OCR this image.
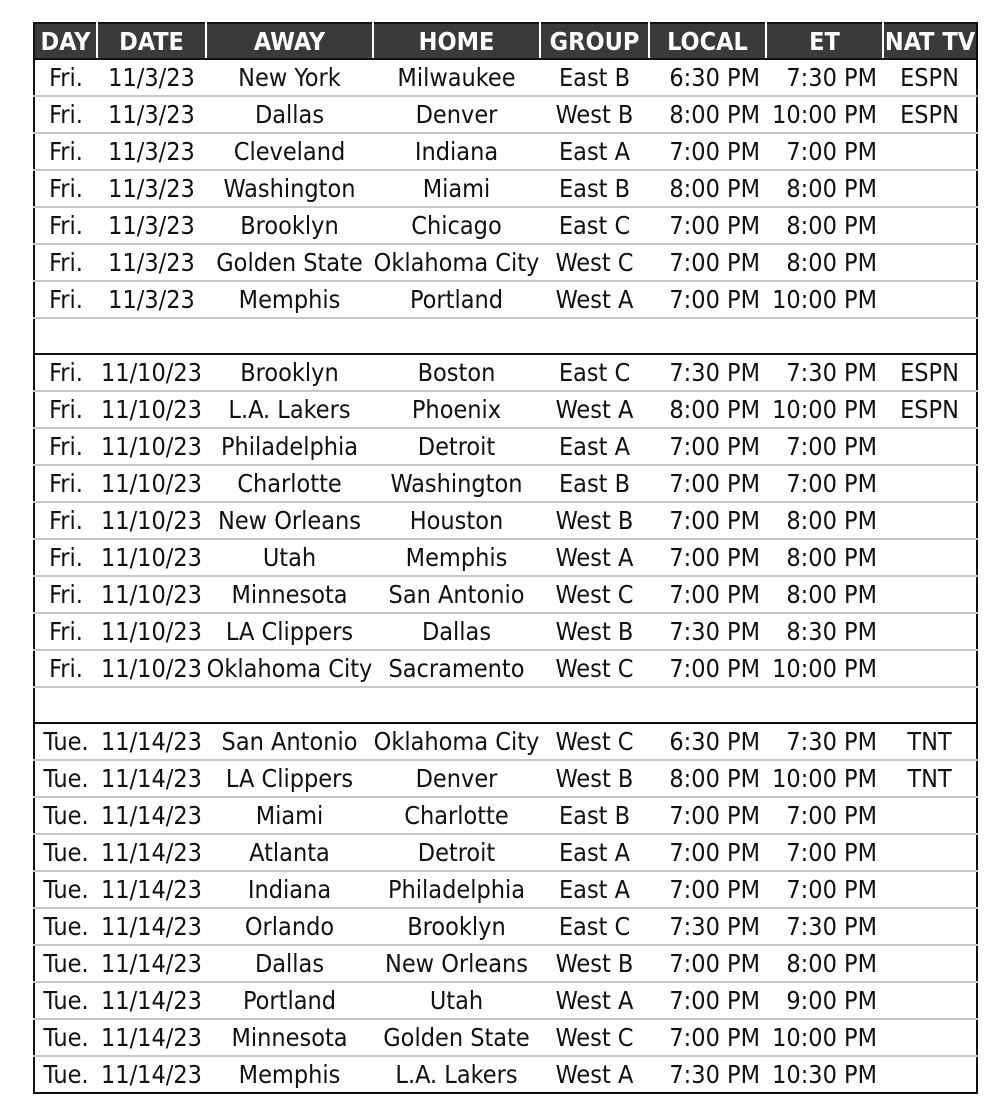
DAY	DATE	AWAY	HOME	GROUP	LOCAL	ET	NAT TV
Fri.	11/3/23	New York	Milwaukee	East B	6:30 PM	7:30 PM	ESPN
Fri.	11/3/23	Dallas	Denver	West B	8:00 PM	10:00 PM	ESPN
Fri.	11/3/23	Cleveland	Indiana	East A	7:00 PM	7:00 PM	
Fri.	11/3/23	Washington	Miami	East B	8:00 PM	8:00 PM	
Fri.	11/3/23	Brooklyn	Chicago	East C	7:00 PM	8:00 PM	
Fri.	11/3/23	Golden State	Oklahoma City	West C	7:00 PM	8:00 PM	
Fri.	11/3/23	Memphis	Portland	West A	7:00 PM	10:00 PM	

Fri.	11/10/23	Brooklyn	Boston	East C	7:30 PM	7:30 PM	ESPN
Fri.	11/10/23	L.A. Lakers	Phoenix	West A	8:00 PM	10:00 PM	ESPN
Fri.	11/10/23	Philadelphia	Detroit	East A	7:00 PM	7:00 PM	
Fri.	11/10/23	Charlotte	Washington	East B	7:00 PM	7:00 PM	
Fri.	11/10/23	New Orleans	Houston	West B	7:00 PM	8:00 PM	
Fri.	11/10/23	Utah	Memphis	West A	7:00 PM	8:00 PM	
Fri.	11/10/23	Minnesota	San Antonio	West C	7:00 PM	8:00 PM	
Fri.	11/10/23	LA Clippers	Dallas	West B	7:30 PM	8:30 PM	
Fri.	11/10/23	Oklahoma City	Sacramento	West C	7:00 PM	10:00 PM	

Tue.	11/14/23	San Antonio	Oklahoma City	West C	6:30 PM	7:30 PM	TNT
Tue.	11/14/23	LA Clippers	Denver	West B	8:00 PM	10:00 PM	TNT
Tue.	11/14/23	Miami	Charlotte	East B	7:00 PM	7:00 PM	
Tue.	11/14/23	Atlanta	Detroit	East A	7:00 PM	7:00 PM	
Tue.	11/14/23	Indiana	Philadelphia	East A	7:00 PM	7:00 PM	
Tue.	11/14/23	Orlando	Brooklyn	East C	7:30 PM	7:30 PM	
Tue.	11/14/23	Dallas	New Orleans	West B	7:00 PM	8:00 PM	
Tue.	11/14/23	Portland	Utah	West A	7:00 PM	9:00 PM	
Tue.	11/14/23	Minnesota	Golden State	West C	7:00 PM	10:00 PM	
Tue.	11/14/23	Memphis	L.A. Lakers	West A	7:30 PM	10:30 PM	
